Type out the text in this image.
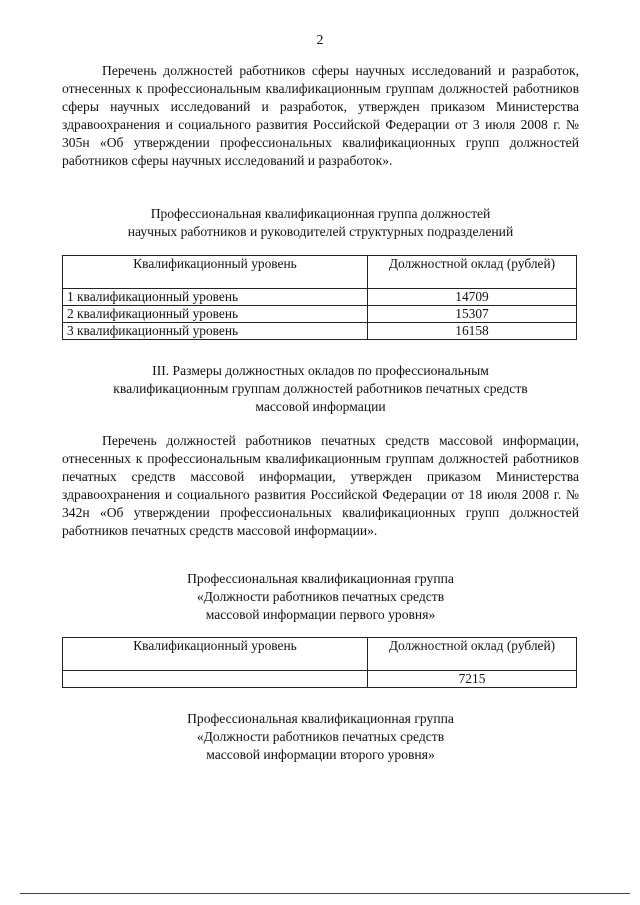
2

Перечень должностей работников сферы научных исследований и разработок, отнесенных к профессиональным квалификационным группам должностей работников сферы научных исследований и разработок, утвержден приказом Министерства здравоохранения и социального развития Российской Федерации от 3 июля 2008 г. № 305н «Об утверждении профессиональных квалификационных групп должностей работников сферы научных исследований и разработок».

Профессиональная квалификационная группа должностей
научных работников и руководителей структурных подразделений
Квалификационный уровень	Должностной оклад (рублей)
1 квалификационный уровень	14709
2 квалификационный уровень	15307
3 квалификационный уровень	16158
III. Размеры должностных окладов по профессиональным
квалификационным группам должностей работников печатных средств
массовой информации

Перечень должностей работников печатных средств массовой информации, отнесенных к профессиональным квалификационным группам должностей работников печатных средств массовой информации, утвержден приказом Министерства здравоохранения и социального развития Российской Федерации от 18 июля 2008 г. № 342н «Об утверждении профессиональных квалификационных групп должностей работников печатных средств массовой информации».

Профессиональная квалификационная группа
«Должности работников печатных средств
массовой информации первого уровня»
Квалификационный уровень	Должностной оклад (рублей)
	7215
Профессиональная квалификационная группа
«Должности работников печатных средств
массовой информации второго уровня»
